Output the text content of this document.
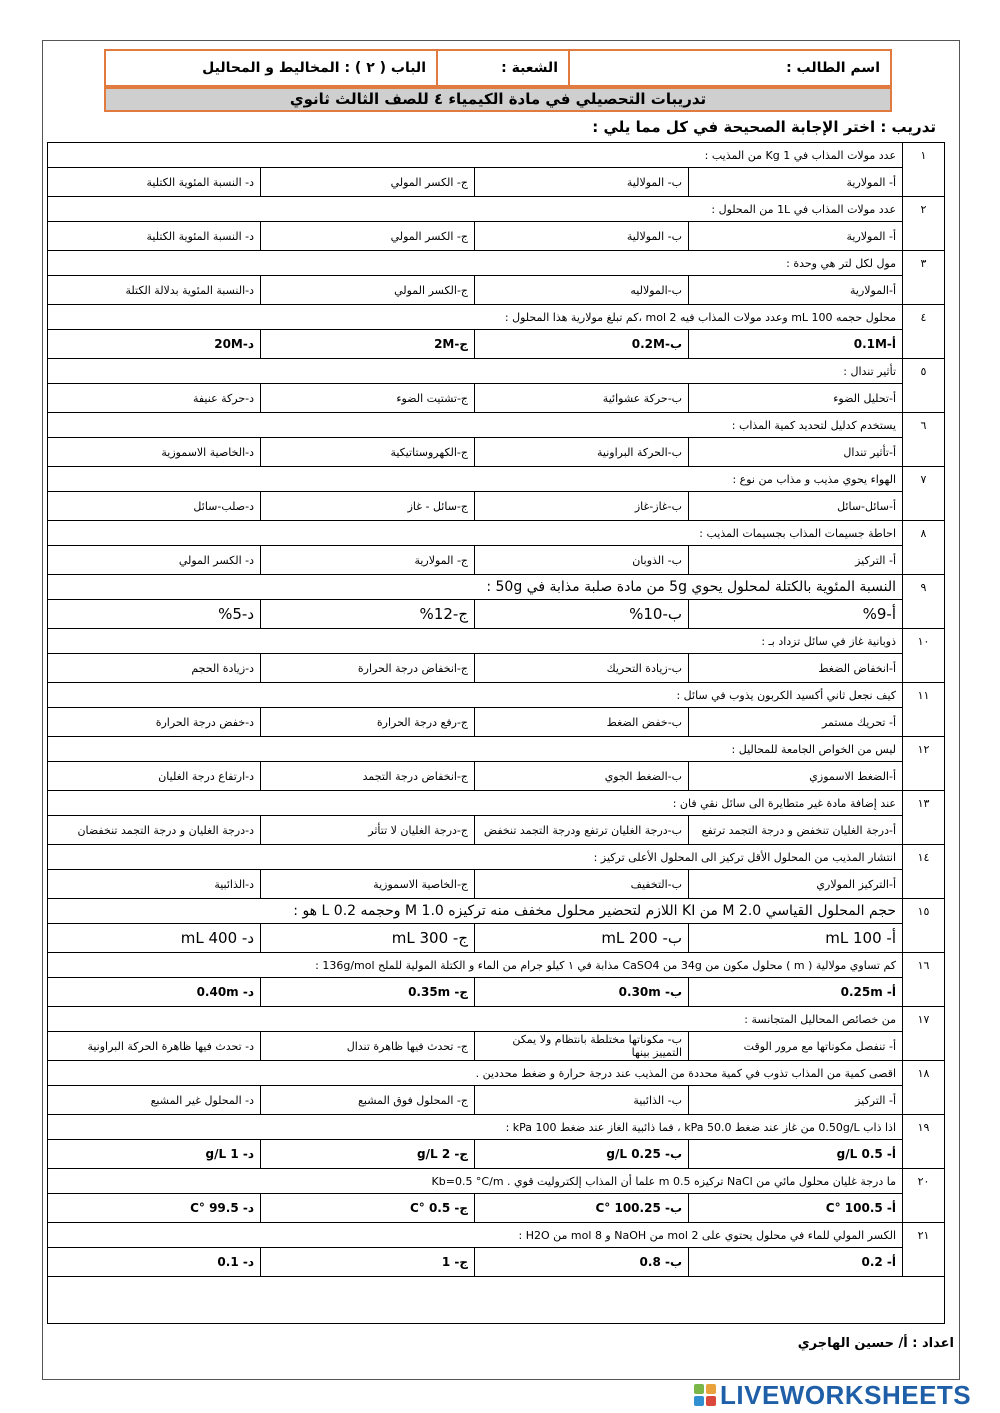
اسم الطالب :	الشعبة :	الباب ( ٢ ) : المخاليط و المحاليل
تدريبات التحصيلي في مادة الكيمياء ٤ للصف الثالث ثانوي
تدريب : اختر الإجابة الصحيحة في كل مما يلي :
١	عدد مولات المذاب في 1 Kg من المذيب :			
	أ- المولارية	ب- المولالية	ج- الكسر المولي	د- النسبة المئوية الكتلية
٢	عدد مولات المذاب في 1L من المحلول :			
	أ- المولارية	ب- المولالية	ج- الكسر المولي	د- النسبة المئوية الكتلية
٣	مول لكل لتر هي وحدة :			
	أ-المولارية	ب-المولاليه	ج-الكسر المولي	د-النسبة المئوية بدلالة الكتلة
٤	محلول حجمه 100 mL وعدد مولات المذاب فيه 2 mol ،كم تبلغ مولارية هذا المحلول :			
	أ-0.1M	ب-0.2M	ج-2M	د-20M
٥	تأثير تندال :			
	أ-تحليل الضوء	ب-حركة عشوائية	ج-تشتيت الضوء	د-حركة عنيفة
٦	يستخدم كدليل لتحديد كمية المذاب :			
	أ-تأثير تندال	ب-الحركة البراونية	ج-الكهروستاتيكية	د-الخاصية الاسموزية
٧	الهواء يحوي مذيب و مذاب من نوع :			
	أ-سائل-سائل	ب-غاز-غاز	ج-سائل - غاز	د-صلب-سائل
٨	احاطة جسيمات المذاب بجسيمات المذيب :			
	أ- التركيز	ب- الذوبان	ج- المولارية	د- الكسر المولي
٩	النسبة المئوية بالكتلة لمحلول يحوي 5g من مادة صلبة مذابة في 50g :			
	أ-9%	ب-10%	ج-12%	د-5%
١٠	ذوبانية غاز في سائل تزداد بـ :			
	أ-انخفاض الضغط	ب-زيادة التحريك	ج-انخفاض درجة الحرارة	د-زيادة الحجم
١١	كيف نجعل ثاني أكسيد الكربون يذوب في سائل :			
	أ- تحريك مستمر	ب-خفض الضغط	ج-رفع درجة الحرارة	د-خفض درجة الحرارة
١٢	ليس من الخواص الجامعة للمحاليل :			
	أ-الضغط الاسموزي	ب-الضغط الجوي	ج-انخفاض درجة التجمد	د-ارتفاع درجة الغليان
١٣	عند إضافة مادة غير متطايرة الى سائل نقي فان :			
	أ-درجة الغليان تنخفض و درجة التجمد ترتفع	ب-درجة الغليان ترتفع ودرجة التجمد تنخفض	ج-درجة الغليان لا تتأثر	د-درجة الغليان و درجة التجمد تنخفضان
١٤	انتشار المذيب من المحلول الأقل تركيز الى المحلول الأعلى تركيز :			
	أ-التركيز المولاري	ب-التخفيف	ج-الخاصية الاسموزية	د-الذائبية
١٥	حجم المحلول القياسي 2.0 M من KI اللازم لتحضير محلول مخفف منه تركيزه 1.0 M وحجمه 0.2 L هو :			
	أ- 100 mL	ب- 200 mL	ج- 300 mL	د- 400 mL
١٦	كم تساوي مولالية ( m ) محلول مكون من 34g من CaSO4 مذابة في ١ كيلو جرام من الماء و الكتلة المولية للملح 136g/mol :			
	أ- 0.25m	ب- 0.30m	ج- 0.35m	د- 0.40m
١٧	من خصائص المحاليل المتجانسة :			
	أ- تنفصل مكوناتها مع مرور الوقت	ب- مكوناتها مختلطة بانتظام ولا يمكن التمييز بينها	ج- تحدث فيها ظاهرة تندال	د- تحدث فيها ظاهرة الحركة البراونية
١٨	اقصى كمية من المذاب تذوب في كمية محددة من المذيب عند درجة حرارة و ضغط محددين .			
	أ- التركيز	ب- الذائبية	ج- المحلول فوق المشبع	د- المحلول غير المشبع
١٩	اذا ذاب 0.50g/L من غاز عند ضغط 50.0 kPa ، فما ذائبية الغاز عند ضغط 100 kPa :			
	أ- 0.5 g/L	ب- 0.25 g/L	ج- 2 g/L	د- 1 g/L
٢٠	ما درجة غليان محلول مائي من NaCl تركيزه 0.5 m علما أن المذاب إلكتروليت قوي . Kb=0.5 °C/m			
	أ- 100.5 °C	ب- 100.25 °C	ج- 0.5 °C	د- 99.5 °C
٢١	الكسر المولي للماء في محلول يحتوي على 2 mol من NaOH و 8 mol من H2O :			
	أ- 0.2	ب- 0.8	ج- 1	د- 0.1

اعداد : أ/ حسين الهاجري
LIVEWORKSHEETS
